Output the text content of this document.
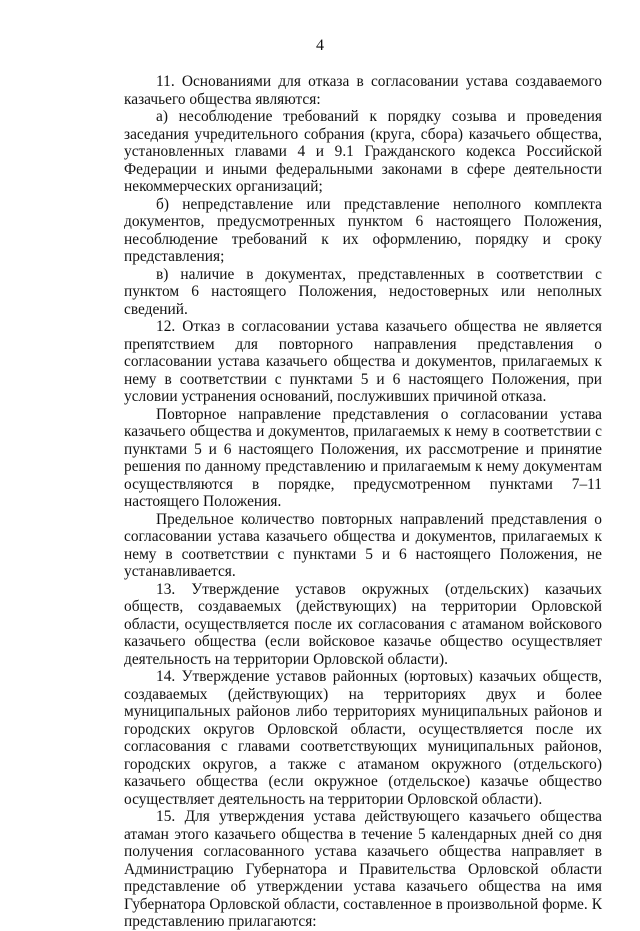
4

11. Основаниями для отказа в согласовании устава создаваемого казачьего общества являются:

а) несоблюдение требований к порядку созыва и проведения заседания учредительного собрания (круга, сбора) казачьего общества, установленных главами 4 и 9.1 Гражданского кодекса Российской Федерации и иными федеральными законами в сфере деятельности некоммерческих организаций;

б) непредставление или представление неполного комплекта документов, предусмотренных пунктом 6 настоящего Положения, несоблюдение требований к их оформлению, порядку и сроку представления;

в) наличие в документах, представленных в соответствии с пунктом 6 настоящего Положения, недостоверных или неполных сведений.

12. Отказ в согласовании устава казачьего общества не является препятствием для повторного направления представления о согласовании устава казачьего общества и документов, прилагаемых к нему в соответствии с пунктами 5 и 6 настоящего Положения, при условии устранения оснований, послуживших причиной отказа.

Повторное направление представления о согласовании устава казачьего общества и документов, прилагаемых к нему в соответствии с пунктами 5 и 6 настоящего Положения, их рассмотрение и принятие решения по данному представлению и прилагаемым к нему документам осуществляются в порядке, предусмотренном пунктами 7–11 настоящего Положения.

Предельное количество повторных направлений представления о согласовании устава казачьего общества и документов, прилагаемых к нему в соответствии с пунктами 5 и 6 настоящего Положения, не устанавливается.

13. Утверждение уставов окружных (отдельских) казачьих обществ, создаваемых (действующих) на территории Орловской области, осуществляется после их согласования с атаманом войскового казачьего общества (если войсковое казачье общество осуществляет деятельность на территории Орловской области).

14. Утверждение уставов районных (юртовых) казачьих обществ, создаваемых (действующих) на территориях двух и более муниципальных районов либо территориях муниципальных районов и городских округов Орловской области, осуществляется после их согласования с главами соответствующих муниципальных районов, городских округов, а также с атаманом окружного (отдельского) казачьего общества (если окружное (отдельское) казачье общество осуществляет деятельность на территории Орловской области).

15. Для утверждения устава действующего казачьего общества атаман этого казачьего общества в течение 5 календарных дней со дня получения согласованного устава казачьего общества направляет в Администрацию Губернатора и Правительства Орловской области представление об утверждении устава казачьего общества на имя Губернатора Орловской области, составленное в произвольной форме. К представлению прилагаются:
